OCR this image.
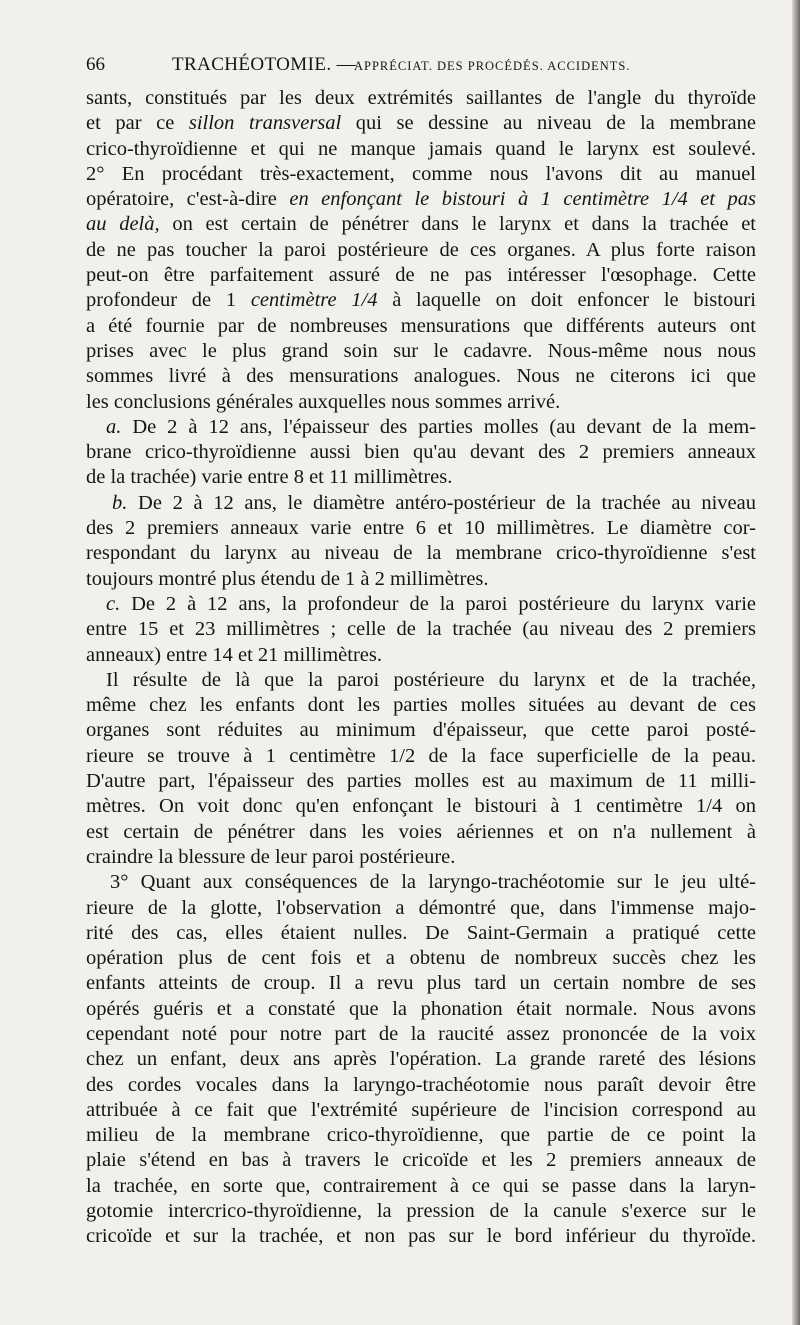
66	TRACHÉOTOMIE. —
APPRÉCIAT. DES PROCÉDÉS. ACCIDENTS.
sants, constitués par les deux extrémités saillantes de l'angle du thyroïde
et par ce sillon transversal qui se dessine au niveau de la membrane
crico-thyroïdienne et qui ne manque jamais quand le larynx est soulevé.
2° En procédant très-exactement, comme nous l'avons dit au manuel
opératoire, c'est-à-dire en enfonçant le bistouri à 1 centimètre 1/4 et pas
au delà, on est certain de pénétrer dans le larynx et dans la trachée et
de ne pas toucher la paroi postérieure de ces organes. A plus forte raison
peut-on être parfaitement assuré de ne pas intéresser l'œsophage. Cette
profondeur de 1 centimètre 1/4 à laquelle on doit enfoncer le bistouri
a été fournie par de nombreuses mensurations que différents auteurs ont
prises avec le plus grand soin sur le cadavre. Nous-même nous nous
sommes livré à des mensurations analogues. Nous ne citerons ici que
les conclusions générales auxquelles nous sommes arrivé.
a. De 2 à 12 ans, l'épaisseur des parties molles (au devant de la mem-
brane crico-thyroïdienne aussi bien qu'au devant des 2 premiers anneaux
de la trachée) varie entre 8 et 11 millimètres.
b. De 2 à 12 ans, le diamètre antéro-postérieur de la trachée au niveau
des 2 premiers anneaux varie entre 6 et 10 millimètres. Le diamètre cor-
respondant du larynx au niveau de la membrane crico-thyroïdienne s'est
toujours montré plus étendu de 1 à 2 millimètres.
c. De 2 à 12 ans, la profondeur de la paroi postérieure du larynx varie
entre 15 et 23 millimètres ; celle de la trachée (au niveau des 2 premiers
anneaux) entre 14 et 21 millimètres.
Il résulte de là que la paroi postérieure du larynx et de la trachée,
même chez les enfants dont les parties molles situées au devant de ces
organes sont réduites au minimum d'épaisseur, que cette paroi posté-
rieure se trouve à 1 centimètre 1/2 de la face superficielle de la peau.
D'autre part, l'épaisseur des parties molles est au maximum de 11 milli-
mètres. On voit donc qu'en enfonçant le bistouri à 1 centimètre 1/4 on
est certain de pénétrer dans les voies aériennes et on n'a nullement à
craindre la blessure de leur paroi postérieure.
3° Quant aux conséquences de la laryngo-trachéotomie sur le jeu ulté-
rieure de la glotte, l'observation a démontré que, dans l'immense majo-
rité des cas, elles étaient nulles. De Saint-Germain a pratiqué cette
opération plus de cent fois et a obtenu de nombreux succès chez les
enfants atteints de croup. Il a revu plus tard un certain nombre de ses
opérés guéris et a constaté que la phonation était normale. Nous avons
cependant noté pour notre part de la raucité assez prononcée de la voix
chez un enfant, deux ans après l'opération. La grande rareté des lésions
des cordes vocales dans la laryngo-trachéotomie nous paraît devoir être
attribuée à ce fait que l'extrémité supérieure de l'incision correspond au
milieu de la membrane crico-thyroïdienne, que partie de ce point la
plaie s'étend en bas à travers le cricoïde et les 2 premiers anneaux de
la trachée, en sorte que, contrairement à ce qui se passe dans la laryn-
gotomie intercrico-thyroïdienne, la pression de la canule s'exerce sur le
cricoïde et sur la trachée, et non pas sur le bord inférieur du thyroïde.
